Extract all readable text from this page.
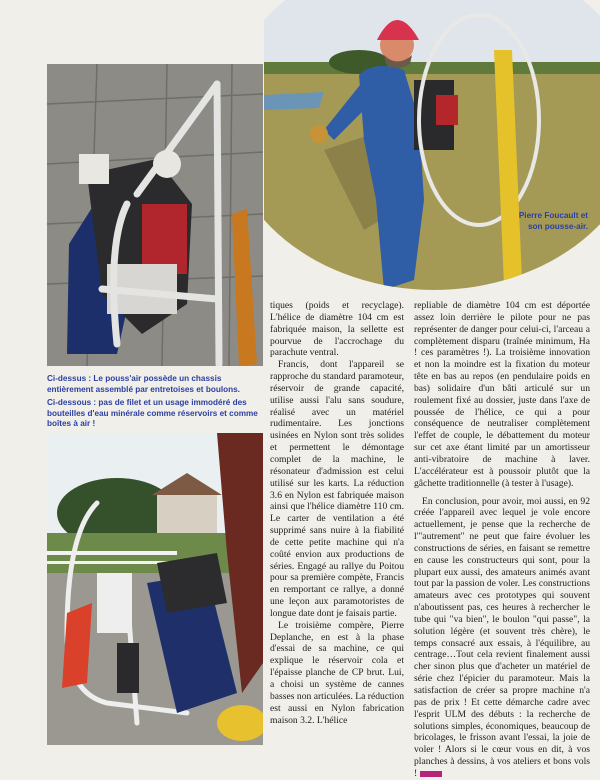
Ci-dessus : Le pouss'air possède un chassis entièrement assemblé par entretoises et boulons.

Ci-dessous : pas de filet et un usage immodéré des bouteilles d'eau minérale comme réservoirs et comme boîtes à air !

Pierre Foucault et son pousse-air.

tiques (poids et recyclage). L'hélice de diamètre 104 cm est fabriquée maison, la sellette est pourvue de l'accrochage du parachute ventral.

Francis, dont l'appareil se rapproche du standard paramoteur, réservoir de grande capacité, utilise aussi l'alu sans soudure, réalisé avec un matériel rudimentaire. Les jonctions usinées en Nylon sont très solides et permettent le démontage complet de la machine, le résonateur d'admission est celui utilisé sur les karts. La réduction 3.6 en Nylon est fabriquée maison ainsi que l'hélice diamètre 110 cm. Le carter de ventilation a été supprimé sans nuire à la fiabilité de cette petite machine qui n'a coûté envion aux productions de séries. Engagé au rallye du Poitou pour sa première compète, Francis en remportant ce rallye, a donné une leçon aux paramotoristes de longue date dont je faisais partie.

Le troisième compère, Pierre Deplanche, en est à la phase d'essai de sa machine, ce qui explique le réservoir cola et l'épaisse planche de CP brut. Lui, a choisi un système de cannes basses non articulées. La réduction est aussi en Nylon fabrication maison 3.2. L'hélice

repliable de diamètre 104 cm est déportée assez loin derrière le pilote pour ne pas représenter de danger pour celui-ci, l'arceau a complètement disparu (traînée minimum, Ha ! ces paramètres !). La troisième innovation et non la moindre est la fixation du moteur tête en bas au repos (en pendulaire poids en bas) solidaire d'un bâti articulé sur un roulement fixé au dossier, juste dans l'axe de poussée de l'hélice, ce qui a pour conséquence de neutraliser complètement l'effet de couple, le débattement du moteur sur cet axe étant limité par un amortisseur anti-vibratoire de machine à laver. L'accélérateur est à poussoir plutôt que la gâchette traditionnelle (à tester à l'usage).

En conclusion, pour avoir, moi aussi, en 92 créée l'appareil avec lequel je vole encore actuellement, je pense que la recherche de l'"autrement" ne peut que faire évoluer les constructions de séries, en faisant se remettre en cause les constructeurs qui sont, pour la plupart eux aussi, des amateurs animés avant tout par la passion de voler. Les constructions amateurs avec ces prototypes qui souvent n'aboutissent pas, ces heures à rechercher le tube qui "va bien", le boulon "qui passe", la solution légère (et souvent très chère), le temps consacré aux essais, à l'équilibre, au centrage…Tout cela revient finalement aussi cher sinon plus que d'acheter un matériel de série chez l'épicier du paramoteur. Mais la satisfaction de créer sa propre machine n'a pas de prix ! Et cette démarche cadre avec l'esprit ULM des débuts : la recherche de solutions simples, économiques, beaucoup de bricolages, le frisson avant l'essai, la joie de voler ! Alors si le cœur vous en dit, à vos planches à dessins, à vos ateliers et bons vols !
